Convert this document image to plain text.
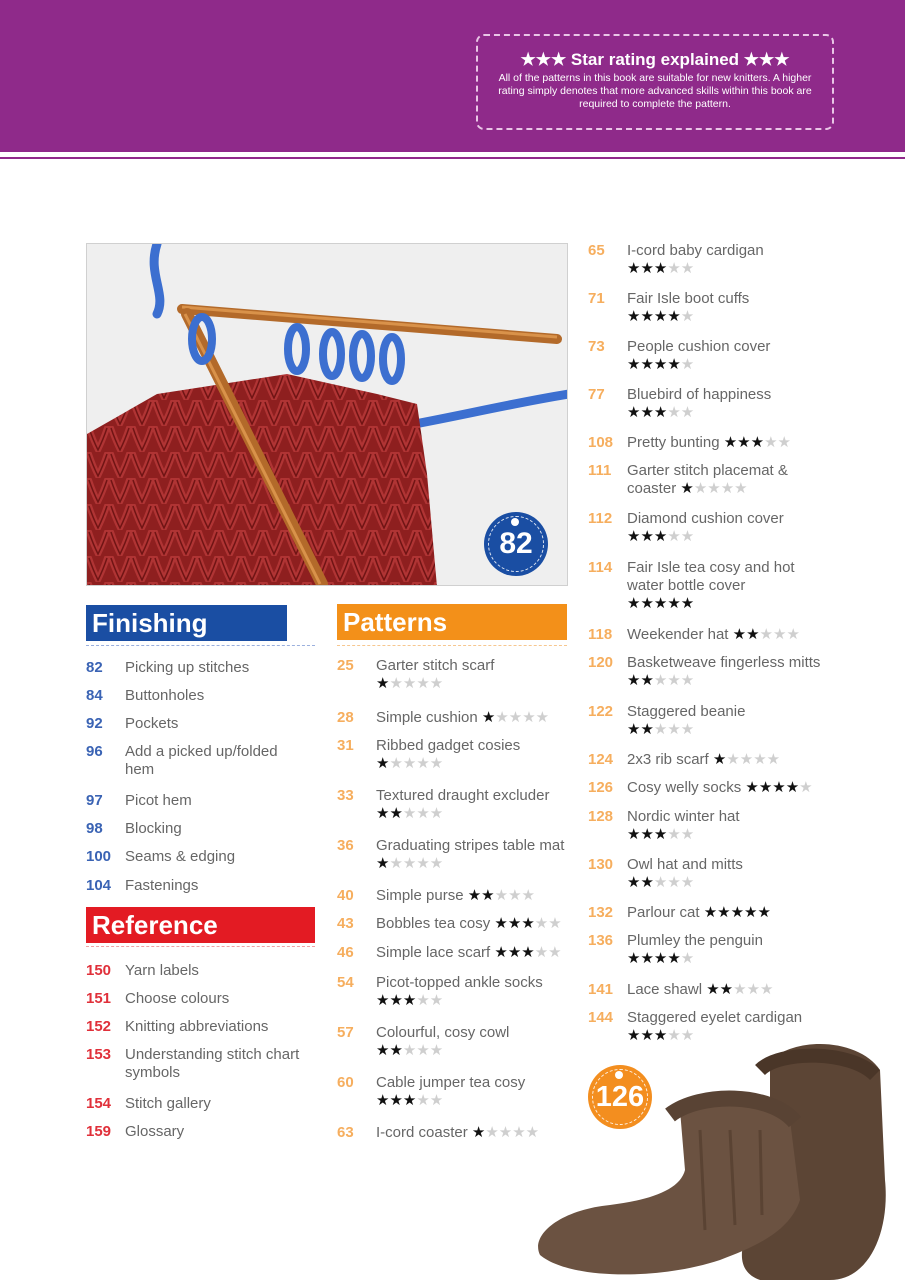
★★★ Star rating explained ★★★
All of the patterns in this book are suitable for new knitters. A higher rating simply denotes that more advanced skills within this book are required to complete the pattern.
82
Finishing
82 Picking up stitches
84 Buttonholes
92 Pockets
96 Add a picked up/folded hem
97 Picot hem
98 Blocking
100 Seams & edging
104 Fastenings
Reference
150 Yarn labels
151 Choose colours
152 Knitting abbreviations
153 Understanding stitch chart symbols
154 Stitch gallery
159 Glossary
Patterns
25 Garter stitch scarf
★★★★★
28 Simple cushion ★★★★★
31 Ribbed gadget cosies
★★★★★
33 Textured draught excluder
★★★★★
36 Graduating stripes table mat ★★★★★
40 Simple purse ★★★★★
43 Bobbles tea cosy ★★★★★
46 Simple lace scarf ★★★★★
54 Picot-topped ankle socks
★★★★★
57 Colourful, cosy cowl
★★★★★
60 Cable jumper tea cosy
★★★★★
63 I-cord coaster ★★★★★
65 I-cord baby cardigan
★★★★★
71 Fair Isle boot cuffs
★★★★★
73 People cushion cover
★★★★★
77 Bluebird of happiness
★★★★★
108 Pretty bunting ★★★★★
111 Garter stitch placemat & coaster ★★★★★
112 Diamond cushion cover
★★★★★
114 Fair Isle tea cosy and hot water bottle cover
★★★★★
118 Weekender hat ★★★★★
120 Basketweave fingerless mitts ★★★★★
122 Staggered beanie
★★★★★
124 2x3 rib scarf ★★★★★
126 Cosy welly socks ★★★★★
128 Nordic winter hat
★★★★★
130 Owl hat and mitts
★★★★★
132 Parlour cat ★★★★★
136 Plumley the penguin
★★★★★
141 Lace shawl ★★★★★
144 Staggered eyelet cardigan
★★★★★
126
